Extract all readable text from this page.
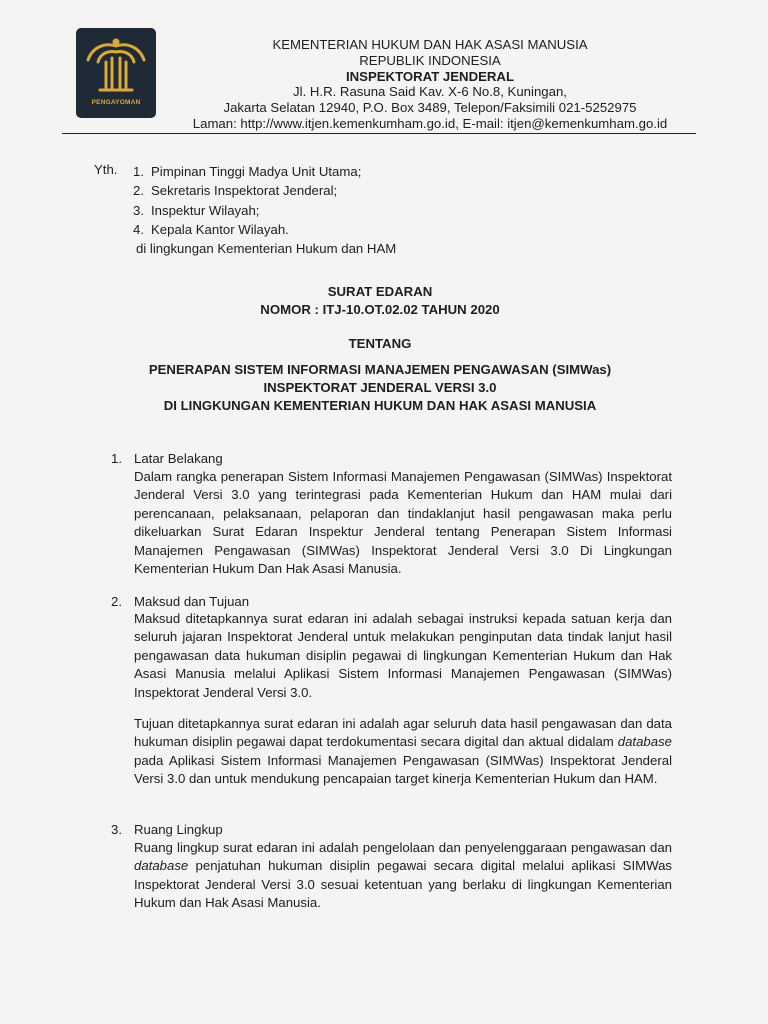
PENGAYOMAN
KEMENTERIAN HUKUM DAN HAK ASASI MANUSIA
REPUBLIK INDONESIA
INSPEKTORAT JENDERAL
Jl. H.R. Rasuna Said Kav. X-6 No.8, Kuningan,
Jakarta Selatan 12940, P.O. Box 3489, Telepon/Faksimili 021-5252975
Laman: http://www.itjen.kemenkumham.go.id, E-mail: itjen@kemenkumham.go.id
Yth. 1. Pimpinan Tinggi Madya Unit Utama;
2. Sekretaris Inspektorat Jenderal;
3. Inspektur Wilayah;
4. Kepala Kantor Wilayah.
di lingkungan Kementerian Hukum dan HAM
SURAT EDARAN
NOMOR : ITJ-10.OT.02.02 TAHUN 2020
TENTANG
PENERAPAN SISTEM INFORMASI MANAJEMEN PENGAWASAN (SIMWas)
INSPEKTORAT JENDERAL VERSI 3.0
DI LINGKUNGAN KEMENTERIAN HUKUM DAN HAK ASASI MANUSIA
1. Latar Belakang
Dalam rangka penerapan Sistem Informasi Manajemen Pengawasan (SIMWas) Inspektorat Jenderal Versi 3.0 yang terintegrasi pada Kementerian Hukum dan HAM mulai dari perencanaan, pelaksanaan, pelaporan dan tindaklanjut hasil pengawasan maka perlu dikeluarkan Surat Edaran Inspektur Jenderal tentang Penerapan Sistem Informasi Manajemen Pengawasan (SIMWas) Inspektorat Jenderal Versi 3.0 Di Lingkungan Kementerian Hukum Dan Hak Asasi Manusia.
2. Maksud dan Tujuan
Maksud ditetapkannya surat edaran ini adalah sebagai instruksi kepada satuan kerja dan seluruh jajaran Inspektorat Jenderal untuk melakukan penginputan data tindak lanjut hasil pengawasan data hukuman disiplin pegawai di lingkungan Kementerian Hukum dan Hak Asasi Manusia melalui Aplikasi Sistem Informasi Manajemen Pengawasan (SIMWas) Inspektorat Jenderal Versi 3.0.
Tujuan ditetapkannya surat edaran ini adalah agar seluruh data hasil pengawasan dan data hukuman disiplin pegawai dapat terdokumentasi secara digital dan aktual didalam database pada Aplikasi Sistem Informasi Manajemen Pengawasan (SIMWas) Inspektorat Jenderal Versi 3.0 dan untuk mendukung pencapaian target kinerja Kementerian Hukum dan HAM.
3. Ruang Lingkup
Ruang lingkup surat edaran ini adalah pengelolaan dan penyelenggaraan pengawasan dan database penjatuhan hukuman disiplin pegawai secara digital melalui aplikasi SIMWas Inspektorat Jenderal Versi 3.0 sesuai ketentuan yang berlaku di lingkungan Kementerian Hukum dan Hak Asasi Manusia.
